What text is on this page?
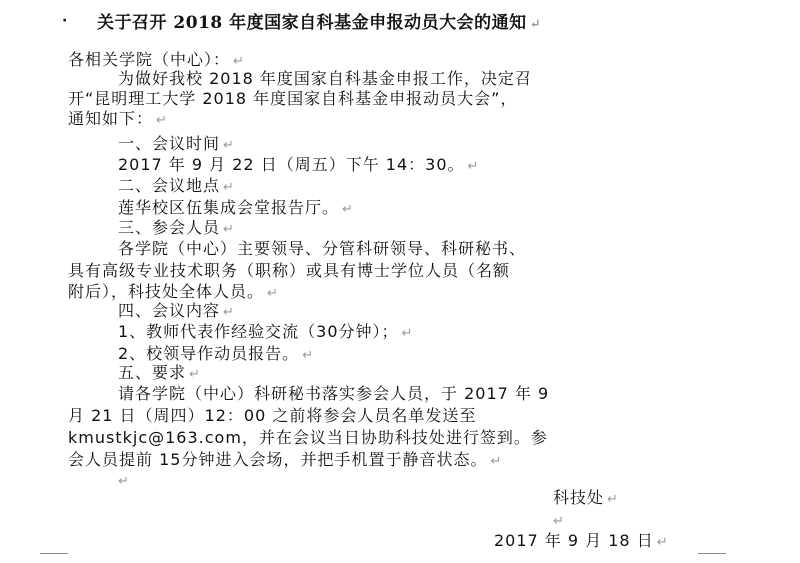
· 关于召开 2018 年度国家自科基金申报动员大会的通知 ↵
各相关学院（中心）： ↵
为做好我校 2018 年度国家自科基金申报工作，决定召
开“昆明理工大学 2018 年度国家自科基金申报动员大会”，
通知如下： ↵
一、会议时间 ↵
2017 年 9 月 22 日（周五）下午 14：30。 ↵
二、会议地点 ↵
莲华校区伍集成会堂报告厅。 ↵
三、参会人员 ↵
各学院（中心）主要领导、分管科研领导、科研秘书、
具有高级专业技术职务（职称）或具有博士学位人员（名额
附后），科技处全体人员。 ↵
四、会议内容 ↵
1、教师代表作经验交流（30分钟）； ↵
2、校领导作动员报告。 ↵
五、要求 ↵
请各学院（中心）科研秘书落实参会人员，于 2017 年 9
月 21 日（周四）12：00 之前将参会人员名单发送至
kmustkjc@163.com，并在会议当日协助科技处进行签到。参
会人员提前 15分钟进入会场，并把手机置于静音状态。 ↵
↵
科技处 ↵
↵
2017 年 9 月 18 日 ↵
